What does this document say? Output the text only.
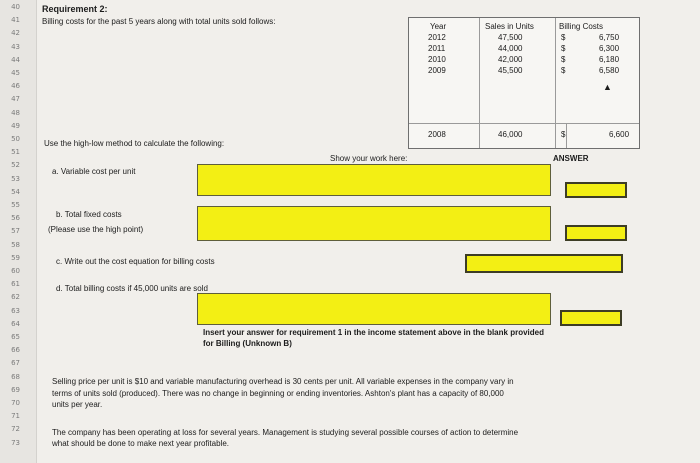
40
41
42
43
44
45
46
47
48
49
50
51
52
53
54
55
56
57
58
59
60
61
62
63
64
65
66
67
68
69
70
71
72
73
Requirement 2:
Billing costs for the past 5 years along with total units sold follows:
Year	Sales in Units	Billing Costs
2012	47,500	$	6,750
2011	44,000	$	6,300
2010	42,000	$	6,180
2009	45,500	$	6,580
▲
2008	46,000	$	6,600
Use the high-low method to calculate the following:
Show your work here:	ANSWER
a. Variable cost per unit
b. Total fixed costs
(Please use the high point)
c. Write out the cost equation for billing costs
d. Total billing costs if 45,000 units are sold
Insert your answer for requirement 1 in the income statement above in the blank provided
for Billing (Unknown B)
Selling price per unit is $10 and variable manufacturing overhead is 30 cents per unit. All variable expenses in the company vary in
terms of units sold (produced). There was no change in beginning or ending inventories. Ashton's plant has a capacity of 80,000
units per year.
The company has been operating at loss for several years. Management is studying several possible courses of action to determine
what should be done to make next year profitable.
